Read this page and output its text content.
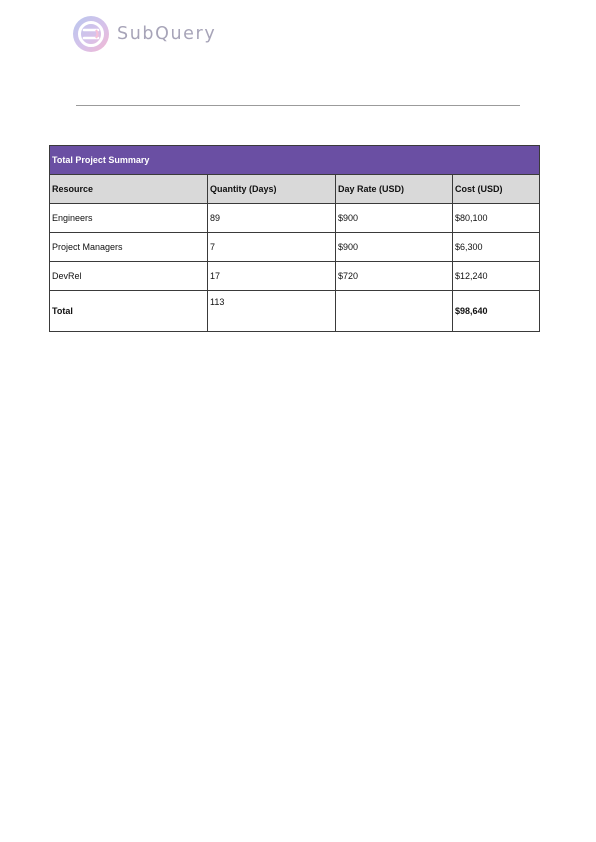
SubQuery
Total Project Summary			
Resource	Quantity (Days)	Day Rate (USD)	Cost (USD)
Engineers	89	$900	$80,100
Project Managers	7	$900	$6,300
DevRel	17	$720	$12,240
Total	113		$98,640
